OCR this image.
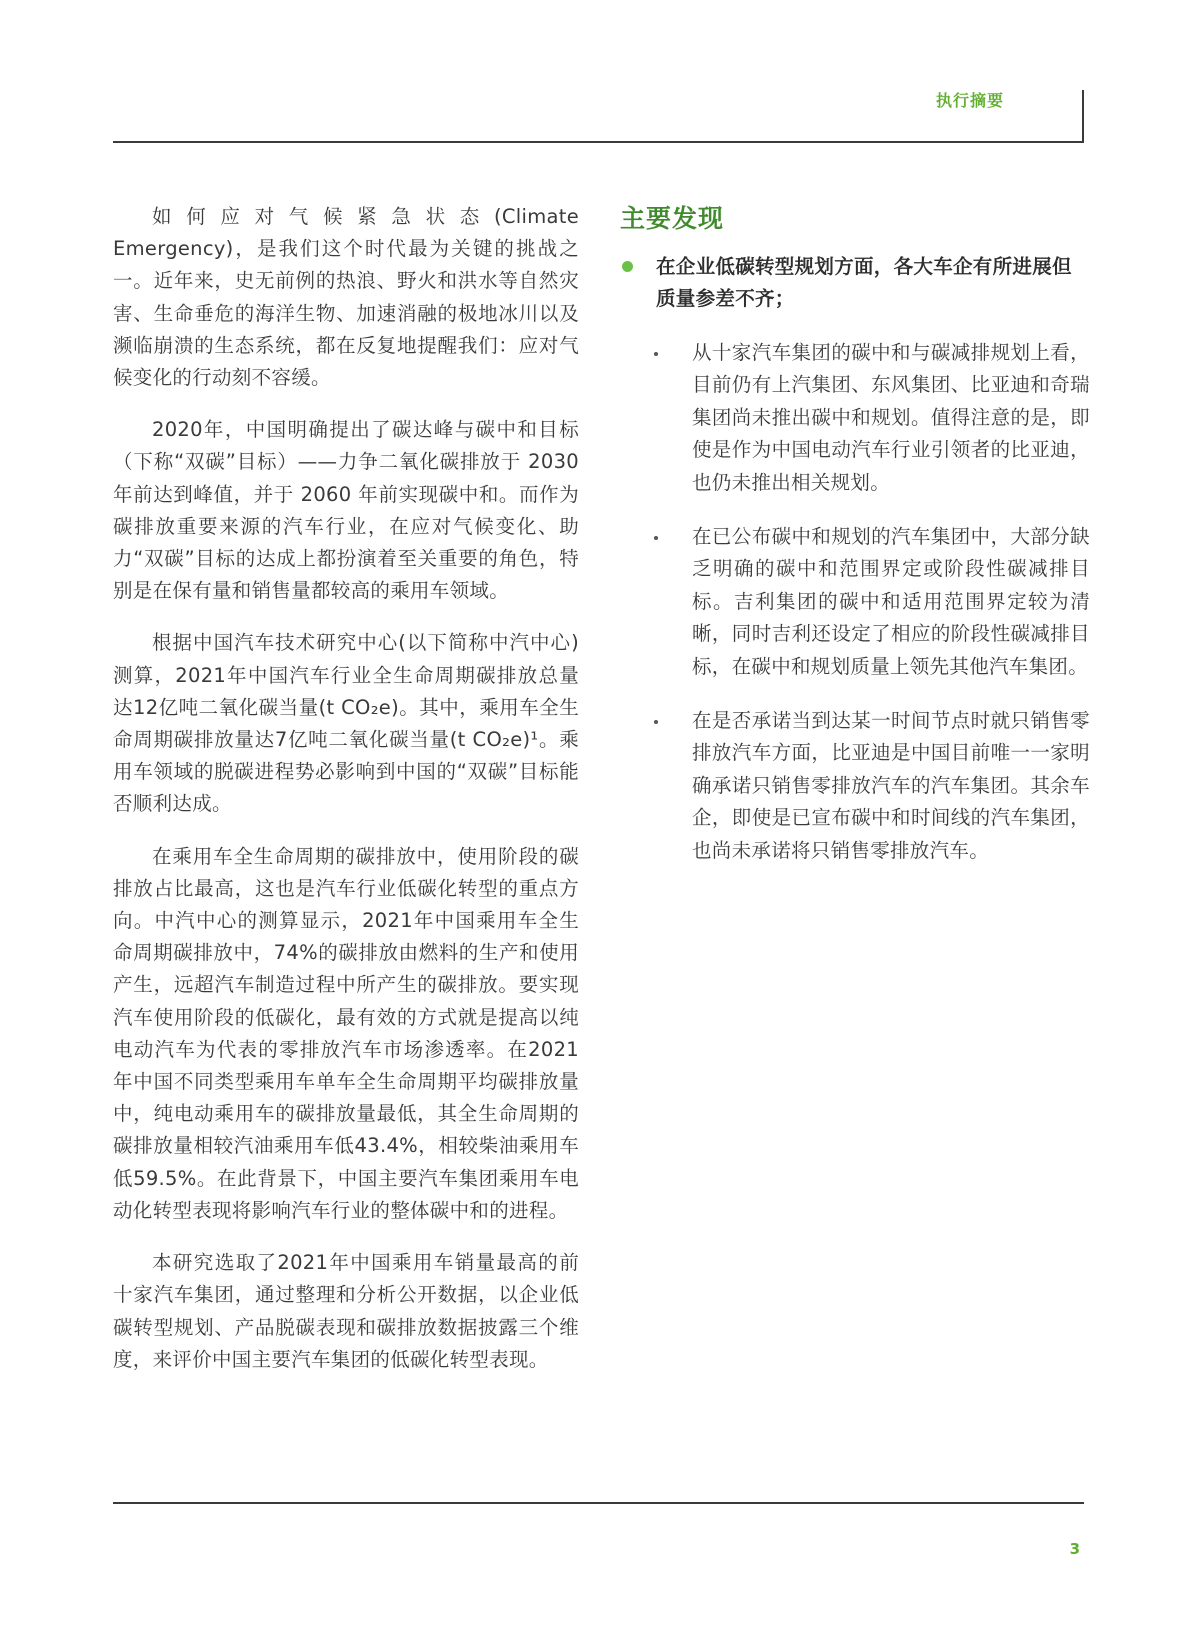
执行摘要

如何应对气候紧急状态(Climate Emergency)，是我们这个时代最为关键的挑战之一。近年来，史无前例的热浪、野火和洪水等自然灾害、生命垂危的海洋生物、加速消融的极地冰川以及濒临崩溃的生态系统，都在反复地提醒我们：应对气候变化的行动刻不容缓。

2020年，中国明确提出了碳达峰与碳中和目标（下称“双碳”目标）——力争二氧化碳排放于 2030 年前达到峰值，并于 2060 年前实现碳中和。而作为碳排放重要来源的汽车行业，在应对气候变化、助力“双碳”目标的达成上都扮演着至关重要的角色，特别是在保有量和销售量都较高的乘用车领域。

根据中国汽车技术研究中心(以下简称中汽中心)测算，2021年中国汽车行业全生命周期碳排放总量达12亿吨二氧化碳当量(t CO₂e)。其中，乘用车全生命周期碳排放量达7亿吨二氧化碳当量(t CO₂e)¹。乘用车领域的脱碳进程势必影响到中国的“双碳”目标能否顺利达成。

在乘用车全生命周期的碳排放中，使用阶段的碳排放占比最高，这也是汽车行业低碳化转型的重点方向。中汽中心的测算显示，2021年中国乘用车全生命周期碳排放中，74%的碳排放由燃料的生产和使用产生，远超汽车制造过程中所产生的碳排放。要实现汽车使用阶段的低碳化，最有效的方式就是提高以纯电动汽车为代表的零排放汽车市场渗透率。在2021年中国不同类型乘用车单车全生命周期平均碳排放量中，纯电动乘用车的碳排放量最低，其全生命周期的碳排放量相较汽油乘用车低43.4%，相较柴油乘用车低59.5%。在此背景下，中国主要汽车集团乘用车电动化转型表现将影响汽车行业的整体碳中和的进程。

本研究选取了2021年中国乘用车销量最高的前十家汽车集团，通过整理和分析公开数据，以企业低碳转型规划、产品脱碳表现和碳排放数据披露三个维度，来评价中国主要汽车集团的低碳化转型表现。

主要发现
在企业低碳转型规划方面，各大车企有所进展但质量参差不齐；
从十家汽车集团的碳中和与碳减排规划上看，目前仍有上汽集团、东风集团、比亚迪和奇瑞集团尚未推出碳中和规划。值得注意的是，即使是作为中国电动汽车行业引领者的比亚迪，也仍未推出相关规划。
在已公布碳中和规划的汽车集团中，大部分缺乏明确的碳中和范围界定或阶段性碳减排目标。吉利集团的碳中和适用范围界定较为清晰，同时吉利还设定了相应的阶段性碳减排目标，在碳中和规划质量上领先其他汽车集团。
在是否承诺当到达某一时间节点时就只销售零排放汽车方面，比亚迪是中国目前唯一一家明确承诺只销售零排放汽车的汽车集团。其余车企，即使是已宣布碳中和时间线的汽车集团，也尚未承诺将只销售零排放汽车。
3
